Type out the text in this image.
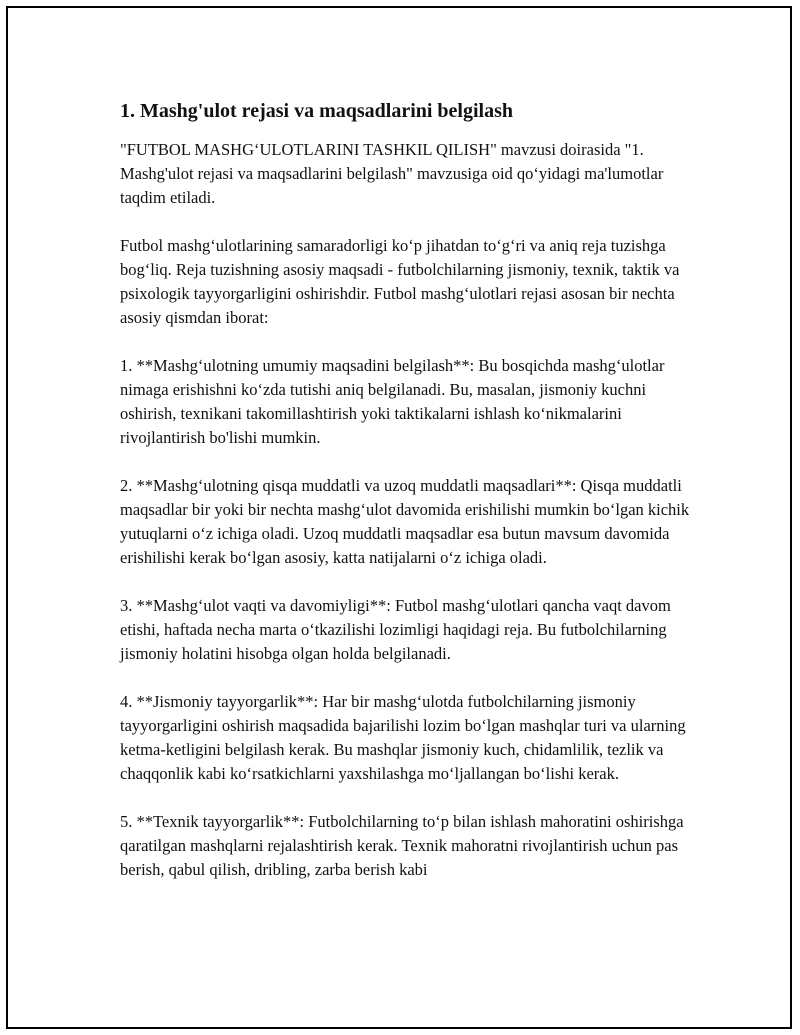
1. Mashg'ulot rejasi va maqsadlarini belgilash

"FUTBOL MASHGʻULOTLARINI TASHKIL QILISH" mavzusi doirasida "1. Mashg'ulot rejasi va maqsadlarini belgilash" mavzusiga oid qoʻyidagi ma'lumotlar taqdim etiladi.

Futbol mashgʻulotlarining samaradorligi koʻp jihatdan toʻgʻri va aniq reja tuzishga bogʻliq. Reja tuzishning asosiy maqsadi - futbolchilarning jismoniy, texnik, taktik va psixologik tayyorgarligini oshirishdir. Futbol mashgʻulotlari rejasi asosan bir nechta asosiy qismdan iborat:

1. **Mashgʻulotning umumiy maqsadini belgilash**: Bu bosqichda mashgʻulotlar nimaga erishishni koʻzda tutishi aniq belgilanadi. Bu, masalan, jismoniy kuchni oshirish, texnikani takomillashtirish yoki taktikalarni ishlash koʻnikmalarini rivojlantirish bo'lishi mumkin.

2. **Mashgʻulotning qisqa muddatli va uzoq muddatli maqsadlari**: Qisqa muddatli maqsadlar bir yoki bir nechta mashgʻulot davomida erishilishi mumkin boʻlgan kichik yutuqlarni oʻz ichiga oladi. Uzoq muddatli maqsadlar esa butun mavsum davomida erishilishi kerak boʻlgan asosiy, katta natijalarni oʻz ichiga oladi.

3. **Mashgʻulot vaqti va davomiyligi**: Futbol mashgʻulotlari qancha vaqt davom etishi, haftada necha marta oʻtkazilishi lozimligi haqidagi reja. Bu futbolchilarning jismoniy holatini hisobga olgan holda belgilanadi.

4. **Jismoniy tayyorgarlik**: Har bir mashgʻulotda futbolchilarning jismoniy tayyorgarligini oshirish maqsadida bajarilishi lozim boʻlgan mashqlar turi va ularning ketma-ketligini belgilash kerak. Bu mashqlar jismoniy kuch, chidamlilik, tezlik va chaqqonlik kabi koʻrsatkichlarni yaxshilashga moʻljallangan boʻlishi kerak.

5. **Texnik tayyorgarlik**: Futbolchilarning toʻp bilan ishlash mahoratini oshirishga qaratilgan mashqlarni rejalashtirish kerak. Texnik mahoratni rivojlantirish uchun pas berish, qabul qilish, dribling, zarba berish kabi
